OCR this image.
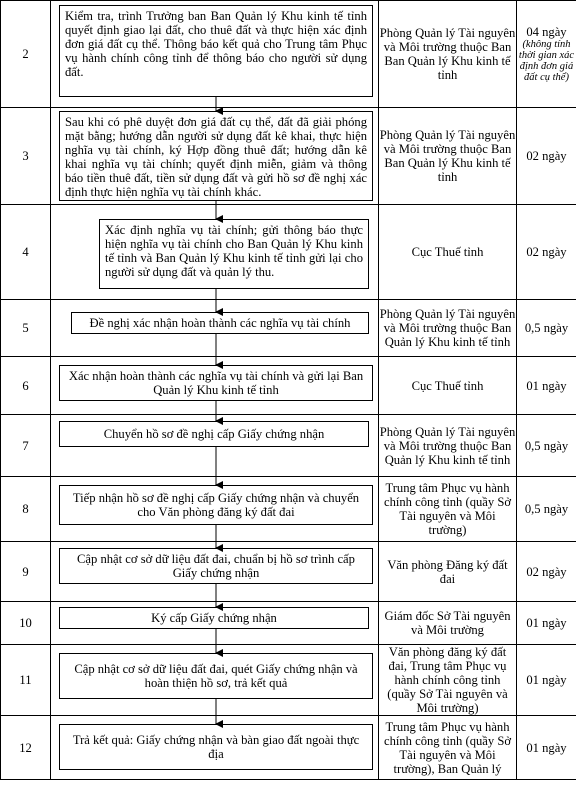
2	Kiểm tra, trình Trưởng ban Ban Quản lý Khu kinh tế tỉnh quyết định giao lại đất, cho thuê đất và thực hiện xác định đơn giá đất cụ thể. Thông báo kết quả cho Trung tâm Phục vụ hành chính công tỉnh để thông báo cho người sử dụng đất.	Phòng Quản lý Tài nguyên và Môi trường thuộc Ban Ban Quản lý Khu kinh tế tỉnh	04 ngày
(không tính thời gian xác định đơn giá đất cụ thể)

3	Sau khi có phê duyệt đơn giá đất cụ thể, đất đã giải phóng mặt bằng; hướng dẫn người sử dụng đất kê khai, thực hiện nghĩa vụ tài chính, ký Hợp đồng thuê đất; hướng dẫn kê khai nghĩa vụ tài chính; quyết định miễn, giảm và thông báo tiền thuê đất, tiền sử dụng đất và gửi hồ sơ đề nghị xác định thực hiện nghĩa vụ tài chính khác.	Phòng Quản lý Tài nguyên và Môi trường thuộc Ban Ban Quản lý Khu kinh tế tỉnh	02 ngày

4	Xác định nghĩa vụ tài chính; gửi thông báo thực hiện nghĩa vụ tài chính cho Ban Quản lý Khu kinh tế tỉnh và Ban Quản lý Khu kinh tế tỉnh gửi lại cho người sử dụng đất và quản lý thu.	Cục Thuế tỉnh	02 ngày

5	Đề nghị xác nhận hoàn thành các nghĩa vụ tài chính	Phòng Quản lý Tài nguyên và Môi trường thuộc Ban Quản lý Khu kinh tế tỉnh	0,5 ngày

6	Xác nhận hoàn thành các nghĩa vụ tài chính và gửi lại Ban Quản lý Khu kinh tế tỉnh	Cục Thuế tỉnh	01 ngày

7	Chuyển hồ sơ đề nghị cấp Giấy chứng nhận	Phòng Quản lý Tài nguyên và Môi trường thuộc Ban Quản lý Khu kinh tế tỉnh	0,5 ngày

8	Tiếp nhận hồ sơ đề nghị cấp Giấy chứng nhận và chuyển cho Văn phòng đăng ký đất đai	Trung tâm Phục vụ hành chính công tỉnh (quầy Sở Tài nguyên và Môi trường)	0,5 ngày

9	Cập nhật cơ sở dữ liệu đất đai, chuẩn bị hồ sơ trình cấp Giấy chứng nhận	Văn phòng Đăng ký đất đai	02 ngày

10	Ký cấp Giấy chứng nhận	Giám đốc Sở Tài nguyên và Môi trường	01 ngày

11	Cập nhật cơ sở dữ liệu đất đai, quét Giấy chứng nhận và hoàn thiện hồ sơ, trả kết quả	Văn phòng đăng ký đất đai, Trung tâm Phục vụ hành chính công tỉnh (quầy Sở Tài nguyên và Môi trường)	01 ngày

12	Trả kết quả: Giấy chứng nhận và bàn giao đất ngoài thực địa	Trung tâm Phục vụ hành chính công tỉnh (quầy Sở Tài nguyên và Môi trường), Ban Quản lý	01 ngày
